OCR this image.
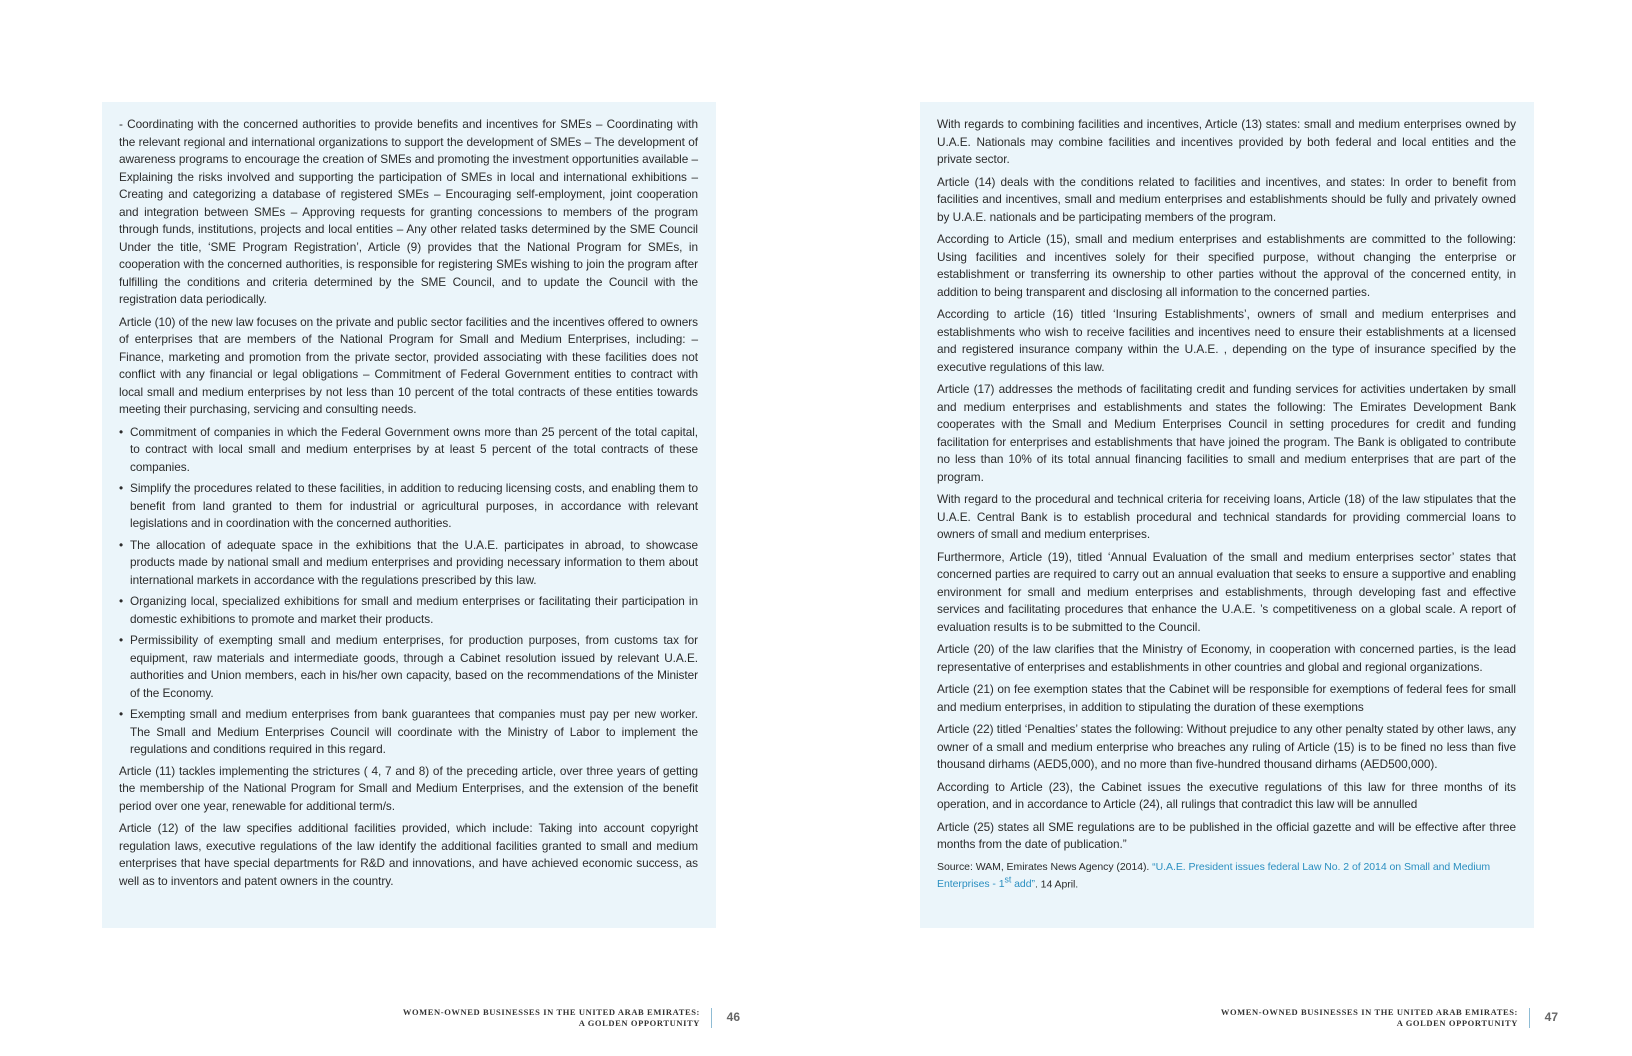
- Coordinating with the concerned authorities to provide benefits and incentives for SMEs – Coordinating with the relevant regional and international organizations to support the development of SMEs – The development of awareness programs to encourage the creation of SMEs and promoting the investment opportunities available – Explaining the risks involved and supporting the participation of SMEs in local and international exhibitions – Creating and categorizing a database of registered SMEs – Encouraging self-employment, joint cooperation and integration between SMEs – Approving requests for granting concessions to members of the program through funds, institutions, projects and local entities – Any other related tasks determined by the SME Council Under the title, ‘SME Program Registration’, Article (9) provides that the National Program for SMEs, in cooperation with the concerned authorities, is responsible for registering SMEs wishing to join the program after fulfilling the conditions and criteria determined by the SME Council, and to update the Council with the registration data periodically.

Article (10) of the new law focuses on the private and public sector facilities and the incentives offered to owners of enterprises that are members of the National Program for Small and Medium Enterprises, including: – Finance, marketing and promotion from the private sector, provided associating with these facilities does not conflict with any financial or legal obligations – Commitment of Federal Government entities to contract with local small and medium enterprises by not less than 10 percent of the total contracts of these entities towards meeting their purchasing, servicing and consulting needs.

• Commitment of companies in which the Federal Government owns more than 25 percent of the total capital, to contract with local small and medium enterprises by at least 5 percent of the total contracts of these companies.
• Simplify the procedures related to these facilities, in addition to reducing licensing costs, and enabling them to benefit from land granted to them for industrial or agricultural purposes, in accordance with relevant legislations and in coordination with the concerned authorities.
• The allocation of adequate space in the exhibitions that the U.A.E. participates in abroad, to showcase products made by national small and medium enterprises and providing necessary information to them about international markets in accordance with the regulations prescribed by this law.
• Organizing local, specialized exhibitions for small and medium enterprises or facilitating their participation in domestic exhibitions to promote and market their products.
• Permissibility of exempting small and medium enterprises, for production purposes, from customs tax for equipment, raw materials and intermediate goods, through a Cabinet resolution issued by relevant U.A.E. authorities and Union members, each in his/her own capacity, based on the recommendations of the Minister of the Economy.
• Exempting small and medium enterprises from bank guarantees that companies must pay per new worker. The Small and Medium Enterprises Council will coordinate with the Ministry of Labor to implement the regulations and conditions required in this regard.

Article (11) tackles implementing the strictures ( 4, 7 and 8) of the preceding article, over three years of getting the membership of the National Program for Small and Medium Enterprises, and the extension of the benefit period over one year, renewable for additional term/s.

Article (12) of the law specifies additional facilities provided, which include: Taking into account copyright regulation laws, executive regulations of the law identify the additional facilities granted to small and medium enterprises that have special departments for R&D and innovations, and have achieved economic success, as well as to inventors and patent owners in the country.

With regards to combining facilities and incentives, Article (13) states: small and medium enterprises owned by U.A.E. Nationals may combine facilities and incentives provided by both federal and local entities and the private sector.

Article (14) deals with the conditions related to facilities and incentives, and states: In order to benefit from facilities and incentives, small and medium enterprises and establishments should be fully and privately owned by U.A.E. nationals and be participating members of the program.

According to Article (15), small and medium enterprises and establishments are committed to the following: Using facilities and incentives solely for their specified purpose, without changing the enterprise or establishment or transferring its ownership to other parties without the approval of the concerned entity, in addition to being transparent and disclosing all information to the concerned parties.

According to article (16) titled ‘Insuring Establishments’, owners of small and medium enterprises and establishments who wish to receive facilities and incentives need to ensure their establishments at a licensed and registered insurance company within the U.A.E. , depending on the type of insurance specified by the executive regulations of this law.

Article (17) addresses the methods of facilitating credit and funding services for activities undertaken by small and medium enterprises and establishments and states the following: The Emirates Development Bank cooperates with the Small and Medium Enterprises Council in setting procedures for credit and funding facilitation for enterprises and establishments that have joined the program. The Bank is obligated to contribute no less than 10% of its total annual financing facilities to small and medium enterprises that are part of the program.

With regard to the procedural and technical criteria for receiving loans, Article (18) of the law stipulates that the U.A.E. Central Bank is to establish procedural and technical standards for providing commercial loans to owners of small and medium enterprises.

Furthermore, Article (19), titled ‘Annual Evaluation of the small and medium enterprises sector’ states that concerned parties are required to carry out an annual evaluation that seeks to ensure a supportive and enabling environment for small and medium enterprises and establishments, through developing fast and effective services and facilitating procedures that enhance the U.A.E. ’s competitiveness on a global scale. A report of evaluation results is to be submitted to the Council.

Article (20) of the law clarifies that the Ministry of Economy, in cooperation with concerned parties, is the lead representative of enterprises and establishments in other countries and global and regional organizations.

Article (21) on fee exemption states that the Cabinet will be responsible for exemptions of federal fees for small and medium enterprises, in addition to stipulating the duration of these exemptions

Article (22) titled ‘Penalties’ states the following: Without prejudice to any other penalty stated by other laws, any owner of a small and medium enterprise who breaches any ruling of Article (15) is to be fined no less than five thousand dirhams (AED5,000), and no more than five-hundred thousand dirhams (AED500,000).

According to Article (23), the Cabinet issues the executive regulations of this law for three months of its operation, and in accordance to Article (24), all rulings that contradict this law will be annulled

Article (25) states all SME regulations are to be published in the official gazette and will be effective after three months from the date of publication.”

Source: WAM, Emirates News Agency (2014). “U.A.E. President issues federal Law No. 2 of 2014 on Small and Medium Enterprises - 1st add”. 14 April.

WOMEN-OWNED BUSINESSES IN THE UNITED ARAB EMIRATES:
A GOLDEN OPPORTUNITY 46	WOMEN-OWNED BUSINESSES IN THE UNITED ARAB EMIRATES:
A GOLDEN OPPORTUNITY 47
